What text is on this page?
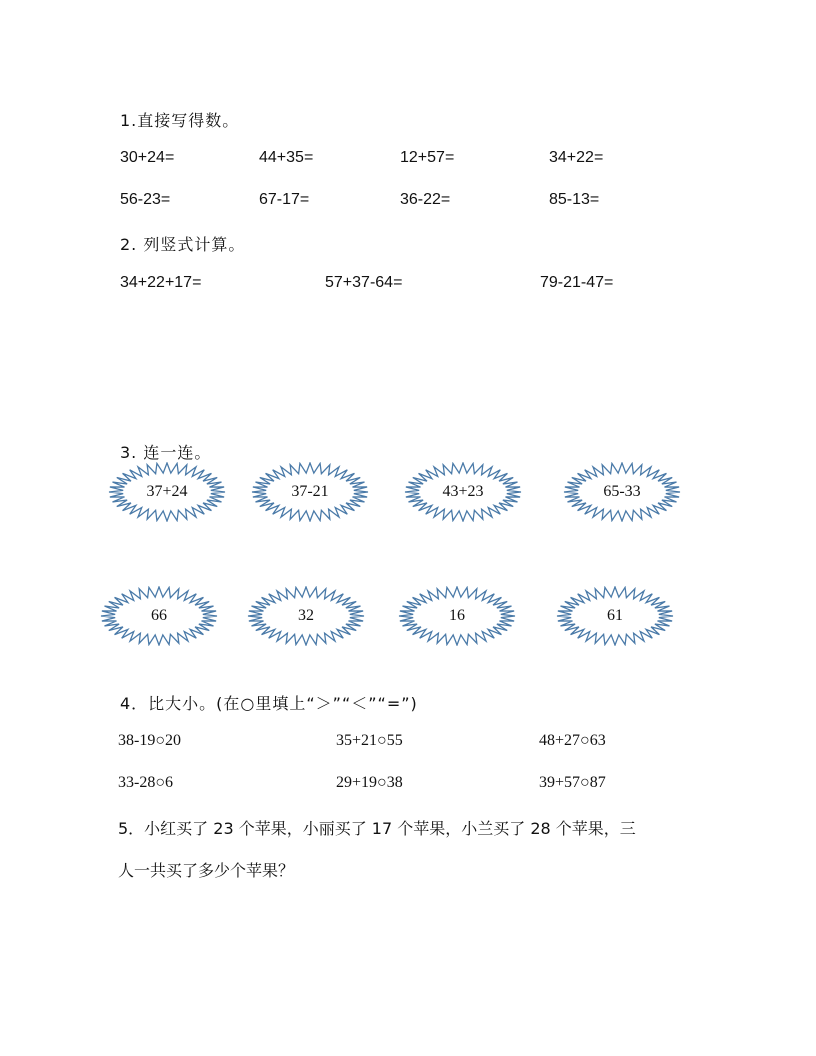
1.直接写得数。
30+24=	44+35=	12+57=	34+22=
56-23=	67-17=	36-22=	85-13=
2. 列竖式计算。
34+22+17=	57+37-64=	79-21-47=
3. 连一连。
37+24	37-21	43+23	65-33
66	32	16	61
4．比大小。(在○里填上“＞”“＜”“=”)
38-19○20	35+21○55	48+27○63
33-28○6	29+19○38	39+57○87
5．小红买了 23 个苹果，小丽买了 17 个苹果，小兰买了 28 个苹果，三
人一共买了多少个苹果？
